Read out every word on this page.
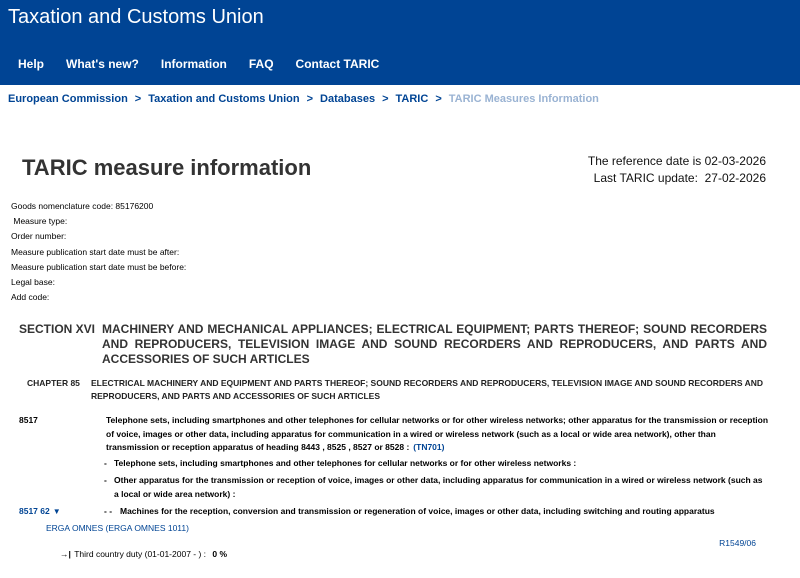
Taxation and Customs Union
Help What's new? Information FAQ Contact TARIC
European Commission > Taxation and Customs Union > Databases > TARIC > TARIC Measures Information
TARIC measure information	The reference date is 02-03-2026
Last TARIC update:  27-02-2026
Goods nomenclature code: 85176200
Measure type:
Order number:
Measure publication start date must be after:
Measure publication start date must be before:
Legal base:
Add code:
SECTION XVI MACHINERY AND MECHANICAL APPLIANCES; ELECTRICAL EQUIPMENT; PARTS THEREOF; SOUND RECORDERS AND REPRODUCERS, TELEVISION IMAGE AND SOUND RECORDERS AND REPRODUCERS, AND PARTS AND ACCESSORIES OF SUCH ARTICLES
CHAPTER 85 ELECTRICAL MACHINERY AND EQUIPMENT AND PARTS THEREOF; SOUND RECORDERS AND REPRODUCERS, TELEVISION IMAGE AND SOUND RECORDERS AND REPRODUCERS, AND PARTS AND ACCESSORIES OF SUCH ARTICLES
8517	Telephone sets, including smartphones and other telephones for cellular networks or for other wireless networks; other apparatus for the transmission or reception of voice, images or other data, including apparatus for communication in a wired or wireless network (such as a local or wide area network), other than transmission or reception apparatus of heading 8443 , 8525 , 8527 or 8528 : (TN701)
- Telephone sets, including smartphones and other telephones for cellular networks or for other wireless networks :
- Other apparatus for the transmission or reception of voice, images or other data, including apparatus for communication in a wired or wireless network (such as a local or wide area network) :
- - Machines for the reception, conversion and transmission or regeneration of voice, images or other data, including switching and routing apparatus
8517 62 ▼
ERGA OMNES (ERGA OMNES 1011)
R1549/06
→| Third country duty (01-01-2007 - ) : 0 %
